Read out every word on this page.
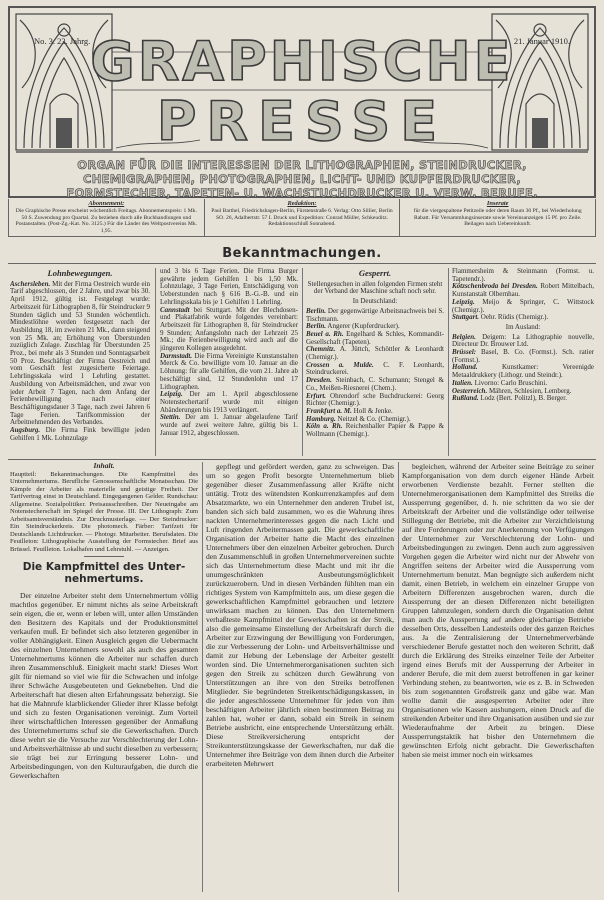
No. 3. 23. Jahrg.	21. Januar 1910.
GRAPHISCHE
PRESSE
ORGAN FÜR DIE INTERESSEN DER LITHOGRAPHEN, STEINDRUCKER,
CHEMIGRAPHEN, PHOTOGRAPHEN, LICHT- UND KUPFERDRUCKER,
FORMSTECHER, TAPETEN- U. WACHSTUCHDRUCKER U. VERW. BERUFE.
Abonnement:
Die Graphische Presse erscheint wöchentlich Freitags. Abonnementspreis: 1 Mk. 50 S. Zuwendung pro Quartal. Zu beziehen durch alle Buchhandlungen und Postanstalten. (Post-Zg.-Kat. No. 3125.) Für die Länder des Weltpostvereins Mk. 1,95.
Redaktion:
Paul Barthel, Friedrichshagen-Berlin, Fürstenstraße 6. Verlag: Otto Sillier, Berlin SO. 26, Adalbertstr. 57 I. Druck und Expedition: Conrad Müller, Schkeuditz. Redaktionsschluß Sonnabend.
Inserate
für die viergespaltene Petitzeile oder deren Raum 30 Pf., bei Wiederholung Rabatt. Für Versammlungsinserate sowie Vereinsanzeigen 15 Pf. pro Zeile. Beilagen nach Uebereinkunft.
Bekanntmachungen.
Lohnbewegungen.

Aschersleben. Mit der Firma Oestreich wurde ein Tarif abgeschlossen, der 2 Jahre, und zwar bis 30. April 1912, gültig ist. Festgelegt wurde: Arbeitszeit für Lithographen 8, für Steindrucker 9 Stunden täglich und 53 Stunden wöchentlich. Mindestlöhne werden festgesetzt nach der Ausbildung 18, im zweiten 21 Mk., dann steigend von 25 Mk. an; Erhöhung von Überstunden zuzüglich Zulage. Zuschlag für Überstunden 25 Proz., bei mehr als 3 Stunden und Sonntagsarbeit 50 Proz. Beschäftigt der Firma Oestreich und vom Geschäft fest zugesicherte Feiertage. Lehrlingsskala wird 1 Lehrling gestattet. Ausbildung von Arbeitsmädchen, und zwar von jeder Arbeit 7 Tagen, nach dem Anfang der Ferienbewilligung nach einer Beschäftigungsdauer 3 Tage, nach zwei Jahren 6 Tage Ferien. Tarifkommission der Arbeitnehmenden des Verbandes.

Augsburg. Die Firma Fink bewilligte jeden Gehilfen 1 Mk. Lohnzulage

und 3 bis 6 Tage Ferien. Die Firma Burger gewährte jedem Gehilfen 1 bis 1,50 Mk. Lohnzulage, 3 Tage Ferien, Entschädigung von Ueberstunden nach § 616 B.-G.-B. und ein Lehrlingsskala bis je 1 Gehilfen 1 Lehrling.

Cannstadt bei Stuttgart. Mit der Blechdosen- und Plakatfabrik wurde folgendes vereinbart: Arbeitszeit für Lithographen 8, für Steindrucker 9 Stunden; Anfangslohn nach der Lehrzeit 25 Mk.; die Ferienbewilligung wird auch auf die jüngeren Kollegen ausgedehnt.

Darmstadt. Die Firma Vereinigte Kunstanstalten Merck & Co. bewilligte vom 10. Januar an die Löhnung: für alle Gehilfen, die vom 21. Jahre ab beschäftigt sind, 12 Stundenlohn und 17 Lithographen.

Leipzig. Der am 1. April abgeschlossene Notenstechertarif wurde mit einigen Abänderungen bis 1913 verlängert.

Stettin. Der am 1. Januar abgelaufene Tarif wurde auf zwei weitere Jahre, gültig bis 1. Januar 1912, abgeschlossen.

Gesperrt.

Stellengesuchen in allen folgenden Firmen steht der Verband der Maschine schaft noch sehr.

In Deutschland:

Berlin. Der gegenwärtige Arbeitsnachweis bei S. Tischmann.

Berlin. Angerer (Kupferdrucker).

Beuel a. Rh. Engelhard & Schles, Kommandit-Gesellschaft (Tapeten).

Chemnitz. A. Jüttch, Schöttler & Leonhardt (Chemigr.).

Crossen a. Mulde. C. F. Leonhardt, Steindruckerei.

Dresden. Steinbach, C. Schumann; Stengel & Co., Meißen-Riesnerei (Chem.).

Erfurt. Ohrendorf sche Buchdruckerei: Georg Richter (Chemigr.).

Frankfurt a. M. Holl & Jenke.

Hamburg. Neitzel & Co. (Chemigr.).

Köln a. Rh. Reichenhaller Papier & Pappe & Wollmann (Chemigr.).

Flammersheim & Steinmann (Formst. u. Tapetendr.).

Kötzschenbroda bei Dresden. Robert Mittelbach, Kunstanstalt Olbernhau.

Leipzig. Meijo & Springer, C. Wittstock (Chemigr.).

Stuttgart. Oehr. Rüdis (Chemigr.).

Im Ausland:

Belgien. Deigem: La Lithographie nouvelle, Directeur Dr. Brouwer Ltd.

Brüssel: Basel, B. Co. (Formst.). Sch. ratier (Formst.).

Holland.	Kunstkamer: Vereenigde Metaaldrukkery (Lithogr. und Steindr.).

Italien. Livorno: Carlo Bruschini.

Oesterreich. Mähren, Schlesien, Lemberg.

Rußland. Lodz (Bert. Politzl), B. Berger.

Inhalt.

Hauptteil: Bekanntmachungen. Die Kampfmittel des Unternehmertums. Berufliche Genossenschaftliche Monatsschau. Die Kämpfe der Arbeiter als materielle und geistige Freiheit. Der Tarifvertrag einst in Deutschland. Eingegangenen Gelder. Rundschau: Allgemeine. Sozialpolitiker. Preisausschreiben. Der Neueingabe am Notenstecherschaft im Spiegel der Presse. III. Der Lithograph: Zum Arbeitsamtsverständnis. Zur Druckmusterlage. — Der Steindrucker: Ein Steindruckerkreis. Die photomech. Färber: Tarifzeit für Deutschlands Lichtdrucker. — Photogr. Mitarbeiter. Berufsdaten. Die Feuilleton: Lithographische Ausstellung der Formstecher. Brief aus Brüssel. Feuilleton. Lokalhafen und Lehrstuhl. — Anzeigen.

Die Kampfmittel des Unter-
nehmertums.

Der einzelne Arbeiter steht dem Unternehmertum völlig machtlos gegenüber. Er nimmt nichts als seine Arbeitskraft sein eigen, die er, wenn er leben will, unter allen Umständen den Besitzern des Kapitals und der Produktionsmittel verkaufen muß. Er befindet sich also letzteren gegenüber in voller Abhängigkeit. Einen Ausgleich gegen die Uebermacht des einzelnen Unternehmers sowohl als auch des gesamten Unternehmertums können die Arbeiter nur schaffen durch ihren Zusammenschluß. Einigkeit macht stark! Dieses Wort gilt für niemand so viel wie für die Schwachen und infolge ihrer Schwäche Ausgebeuteten und Geknebelten. Und die Arbeiterschaft hat diesen alten Erfahrungssatz beherzigt. Sie hat die Mahnrufe klarblickender Glieder ihrer Klasse befolgt und sich zu festen Organisationen vereinigt. Zum Vorteil ihrer wirtschaftlichen Interessen gegenüber der Anmaßung des Unternehmertums schuf sie die Gewerkschaften. Durch diese wehrt sie die Versuche zur Verschlechterung der Lohn- und Arbeitsverhältnisse ab und sucht dieselben zu verbessern; sie trägt bei zur Erringung besserer Lohn- und Arbeitsbedingungen, von den Kulturaufgaben, die durch die Gewerkschaften

gepflegt und gefördert werden, ganz zu schweigen. Das um so gegen Profit besorgte Unternehmertum blieb gegenüber dieser Zusammenfassung aller Kräfte nicht untätig. Trotz des wütendsten Konkurrenzkampfes auf dem Absatzmarkte, wo ein Unternehmer den anderen Trubel ist, banden sich sich bald zusammen, wo es die Wahrung ihres nackten Unternehmerinteresses gegen die nach Licht und Luft ringenden Arbeitermassen galt. Die gewerkschaftliche Organisation der Arbeiter hatte die Macht des einzelnen Unternehmers über den einzelnen Arbeiter gebrochen. Durch den Zusammenschluß in großen Unternehmervereinen suchte sich das Unternehmertum diese Macht und mit ihr die unumgeschränkten Ausbeutungsmöglichkeit zurückzuerobern. Und in diesen Verbänden fühlten man ein richtiges System von Kampfmitteln aus, um diese gegen die gewerkschaftlichen Kampfmittel gebrauchen und letztere unwirksam machen zu können. Das den Unternehmern verhaßteste Kampfmittel der Gewerkschaften ist der Streik, also die gemeinsame Einstellung der Arbeitskraft durch die Arbeiter zur Erzwingung der Bewilligung von Forderungen, die zur Verbesserung der Lohn- und Arbeitsverhältnisse und damit zur Hebung der Lebenslage der Arbeiter gestellt worden sind. Die Unternehmerorganisationen suchten sich gegen den Streik zu schützen durch Gewährung von Unterstützungen an ihre von den Streiks betroffenen Mitglieder. Sie begründeten Streikentschädigungskassen, in die jeder angeschlossene Unternehmer für jeden von ihm beschäftigten Arbeiter jährlich einen bestimmten Beitrag zu zahlen hat, woher er dann, sobald ein Streik in seinem Betriebe ausbricht, eine entsprechende Unterstützung erhält. Diese Streikversicherung entspricht der Streikunterstützungskasse der Gewerkschaften, nur daß die Unternehmer ihre Beiträge von dem ihnen durch die Arbeiter erarbeiteten Mehrwert

begleichen, während der Arbeiter seine Beiträge zu seiner Kampforganisation von dem durch eigener Hände Arbeit erworbenen Verdienste bezahlt. Ferner stellten die Unternehmerorganisationen dem Kampfmittel des Streiks die Aussperrung gegenüber, d. h. nie schritten da wo sie der Arbeitskraft der Arbeiter und die vollständige oder teilweise Stillegung der Betriebe, mit die Arbeiter zur Verzichtleistung auf ihre Forderungen oder zur Anerkennung von Verfügungen der Unternehmer zur Verschlechterung der Lohn- und Arbeitsbedingungen zu zwingen. Denn auch zum aggressiven Vorgehen gegen die Arbeiter wird nicht nur der Abwehr von Angriffen seitens der Arbeiter wird die Aussperrung vom Unternehmertum benutzt. Man begnügte sich außerdem nicht damit, einen Betrieb, in welchem ein einzelner Gruppe von Arbeitern Differenzen ausgebrochen waren, durch die Aussperrung der an diesen Differenzen nicht beteiligten Gruppen lahmzulegen, sondern durch die Organisation dehnt man auch die Aussperrung auf andere gleichartige Betriebe desselben Orts, desselben Landesteils oder des ganzen Reiches aus. Ja die Zentralisierung der Unternehmerverbände verschiedener Berufe gestattet noch den weiteren Schritt, daß durch die Erklärung des Streiks einzelner Teile der Arbeiter irgend eines Berufs mit der Aussperrung der Arbeiter in anderer Berufe, die mit dem zuerst betroffenen in gar keiner Verbindung stehen, zu beantworten, wie es z. B. in Schweden bis zum sogenannten Großstreik ganz und gäbe war. Man wollte damit die ausgesperrten Arbeiter oder ihre Organisationen wie Kassen aushungern, einen Druck auf die streikenden Arbeiter und ihre Organisation ausüben und sie zur Wiederaufnahme der Arbeit zu bringen. Diese Aussperrungstaktik hat bisher den Unternehmern die gewünschten Erfolg nicht gebracht. Die Gewerkschaften haben sie meist immer noch ein wirksames
